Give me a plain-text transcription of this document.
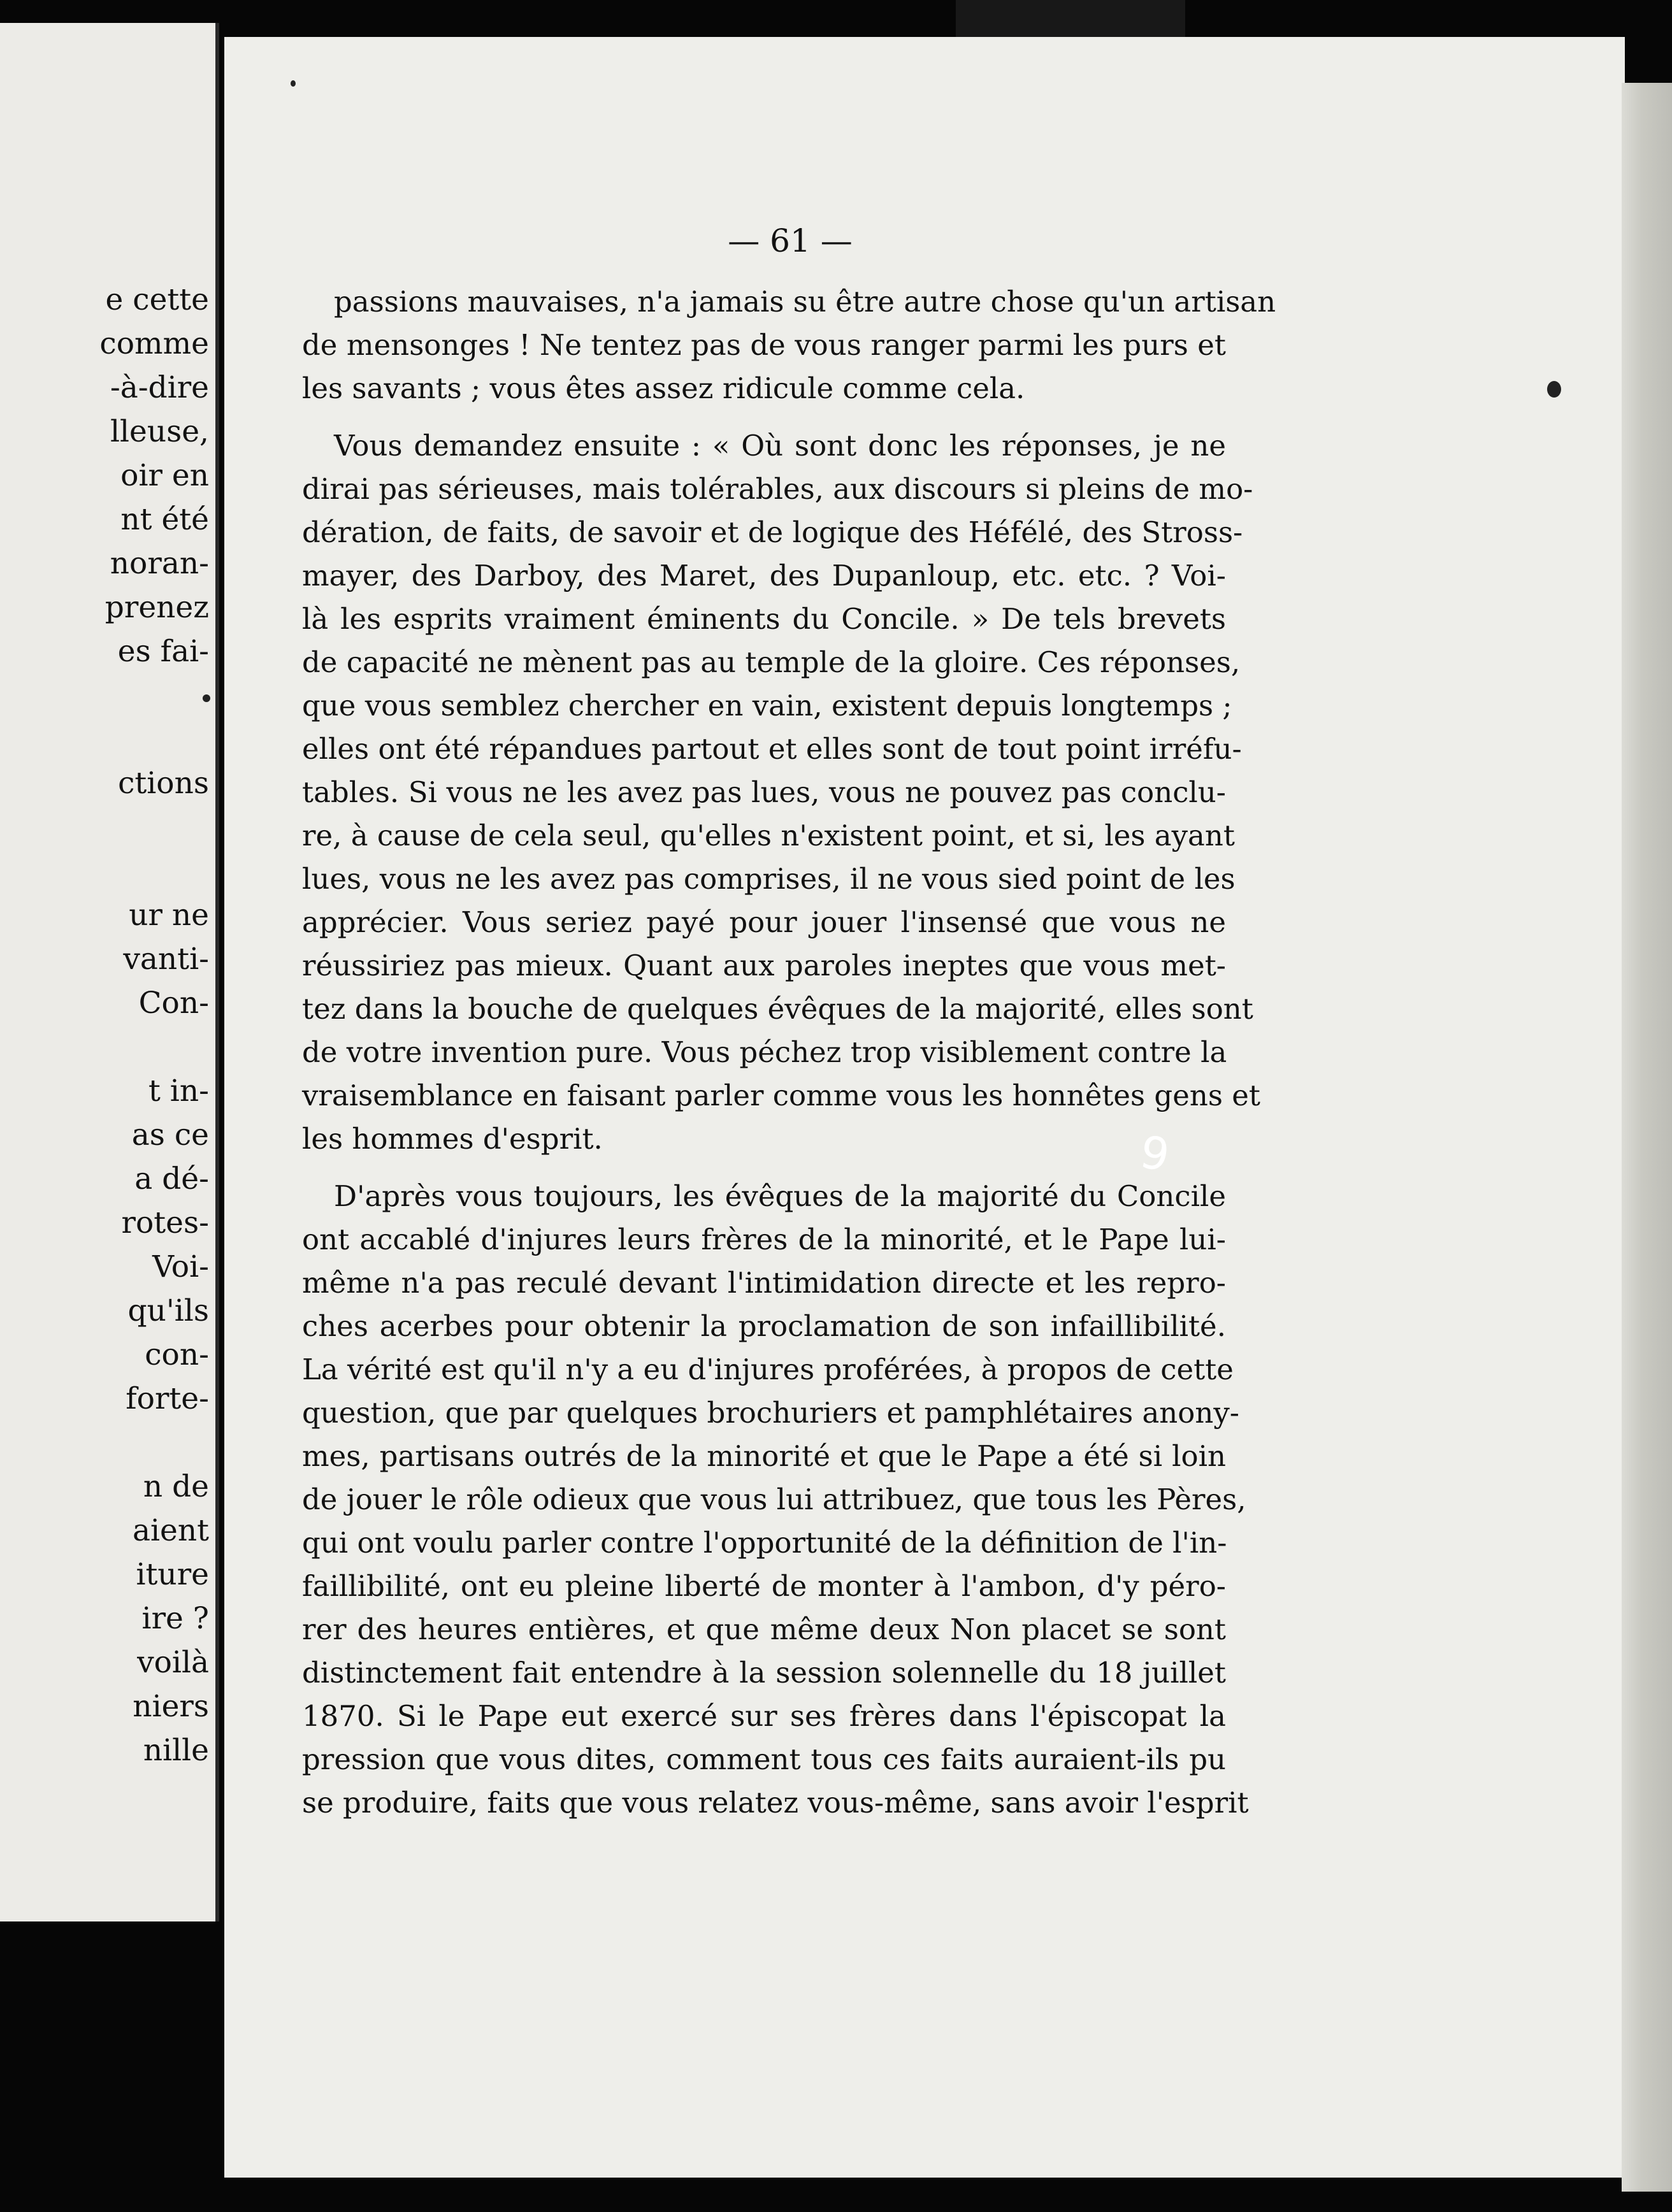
e cette
comme
-à-dire
lleuse,
oir en
nt été
noran-
prenez
es fai-
ctions
ur ne
vanti-
Con-
t in-
as ce
a dé-
rotes-
Voi-
qu'ils
con-
forte-
n de
aient
iture
ire ?
voilà
niers
nille
— 61 —
passions mauvaises, n'a jamais su être autre chose qu'un artisan
de mensonges ! Ne tentez pas de vous ranger parmi les purs et
les savants ; vous êtes assez ridicule comme cela.
Vous demandez ensuite : « Où sont donc les réponses, je ne
dirai pas sérieuses, mais tolérables, aux discours si pleins de mo-
dération, de faits, de savoir et de logique des Héfélé, des Stross-
mayer, des Darboy, des Maret, des Dupanloup, etc. etc. ? Voi-
là les esprits vraiment éminents du Concile. » De tels brevets
de capacité ne mènent pas au temple de la gloire. Ces réponses,
que vous semblez chercher en vain, existent depuis longtemps ;
elles ont été répandues partout et elles sont de tout point irréfu-
tables. Si vous ne les avez pas lues, vous ne pouvez pas conclu-
re, à cause de cela seul, qu'elles n'existent point, et si, les ayant
lues, vous ne les avez pas comprises, il ne vous sied point de les
apprécier. Vous seriez payé pour jouer l'insensé que vous ne
réussiriez pas mieux. Quant aux paroles ineptes que vous met-
tez dans la bouche de quelques évêques de la majorité, elles sont
de votre invention pure. Vous péchez trop visiblement contre la
vraisemblance en faisant parler comme vous les honnêtes gens et
les hommes d'esprit.
D'après vous toujours, les évêques de la majorité du Concile
ont accablé d'injures leurs frères de la minorité, et le Pape lui-
même n'a pas reculé devant l'intimidation directe et les repro-
ches acerbes pour obtenir la proclamation de son infaillibilité.
La vérité est qu'il n'y a eu d'injures proférées, à propos de cette
question, que par quelques brochuriers et pamphlétaires anony-
mes, partisans outrés de la minorité et que le Pape a été si loin
de jouer le rôle odieux que vous lui attribuez, que tous les Pères,
qui ont voulu parler contre l'opportunité de la définition de l'in-
faillibilité, ont eu pleine liberté de monter à l'ambon, d'y péro-
rer des heures entières, et que même deux Non placet se sont
distinctement fait entendre à la session solennelle du 18 juillet
1870. Si le Pape eut exercé sur ses frères dans l'épiscopat la
pression que vous dites, comment tous ces faits auraient-ils pu
se produire, faits que vous relatez vous-même, sans avoir l'esprit
9
